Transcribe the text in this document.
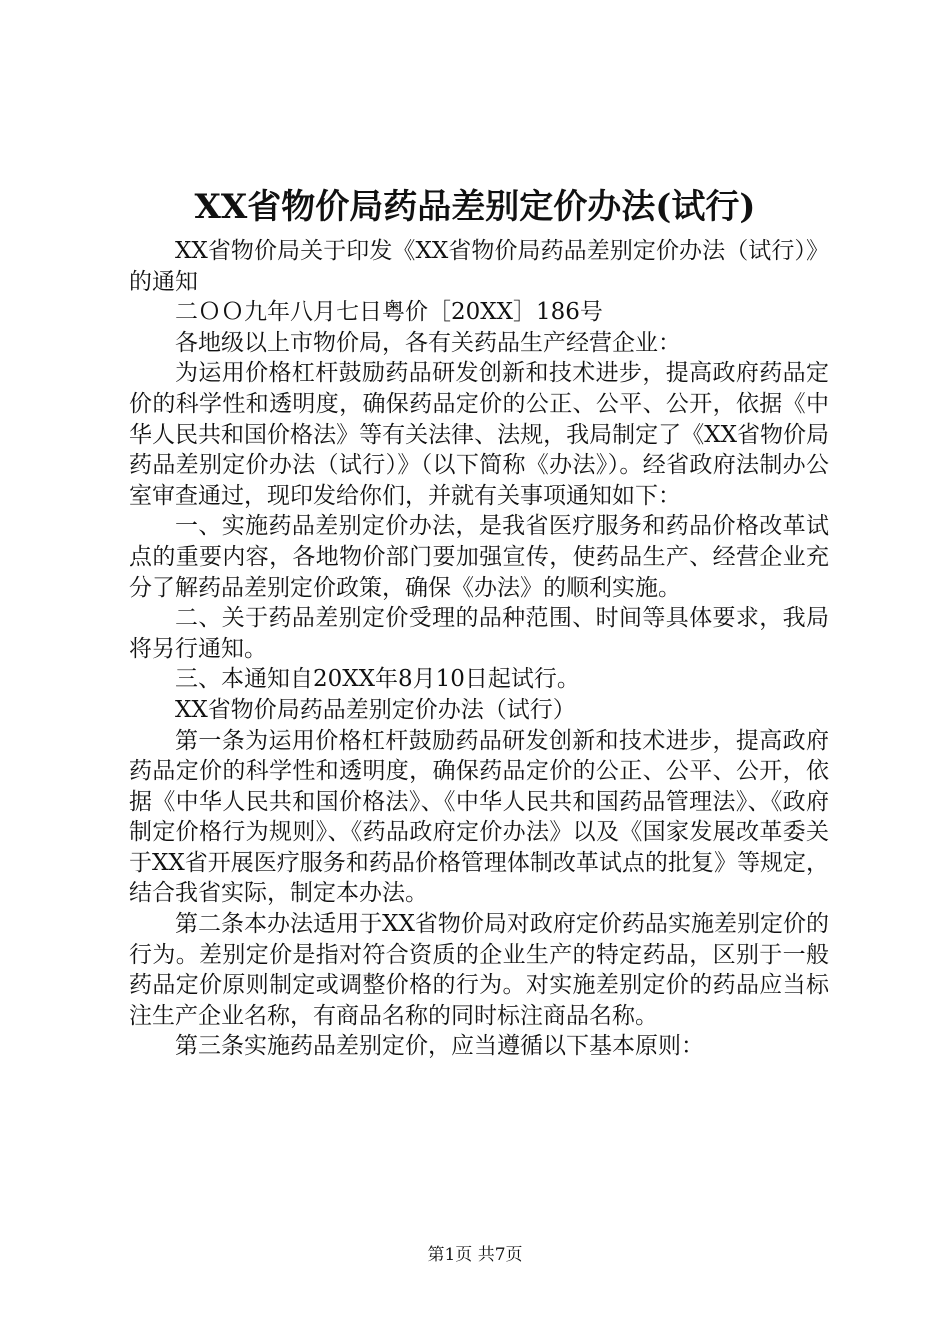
XX省物价局药品差别定价办法(试行)

XX省物价局关于印发《XX省物价局药品差别定价办法（试行）》的通知

二ＯＯ九年八月七日粤价［20XX］186号

各地级以上市物价局，各有关药品生产经营企业：

为运用价格杠杆鼓励药品研发创新和技术进步，提高政府药品定价的科学性和透明度，确保药品定价的公正、公平、公开，依据《中华人民共和国价格法》等有关法律、法规，我局制定了《XX省物价局药品差别定价办法（试行）》（以下简称《办法》）。经省政府法制办公室审查通过，现印发给你们，并就有关事项通知如下：

一、实施药品差别定价办法，是我省医疗服务和药品价格改革试点的重要内容，各地物价部门要加强宣传，使药品生产、经营企业充分了解药品差别定价政策，确保《办法》的顺利实施。

二、关于药品差别定价受理的品种范围、时间等具体要求，我局将另行通知。

三、本通知自20XX年8月10日起试行。

XX省物价局药品差别定价办法（试行）

第一条为运用价格杠杆鼓励药品研发创新和技术进步，提高政府药品定价的科学性和透明度，确保药品定价的公正、公平、公开，依据《中华人民共和国价格法》、《中华人民共和国药品管理法》、《政府制定价格行为规则》、《药品政府定价办法》以及《国家发展改革委关于XX省开展医疗服务和药品价格管理体制改革试点的批复》等规定，结合我省实际，制定本办法。

第二条本办法适用于XX省物价局对政府定价药品实施差别定价的行为。差别定价是指对符合资质的企业生产的特定药品，区别于一般药品定价原则制定或调整价格的行为。对实施差别定价的药品应当标注生产企业名称，有商品名称的同时标注商品名称。

第三条实施药品差别定价，应当遵循以下基本原则：

第1页 共7页
